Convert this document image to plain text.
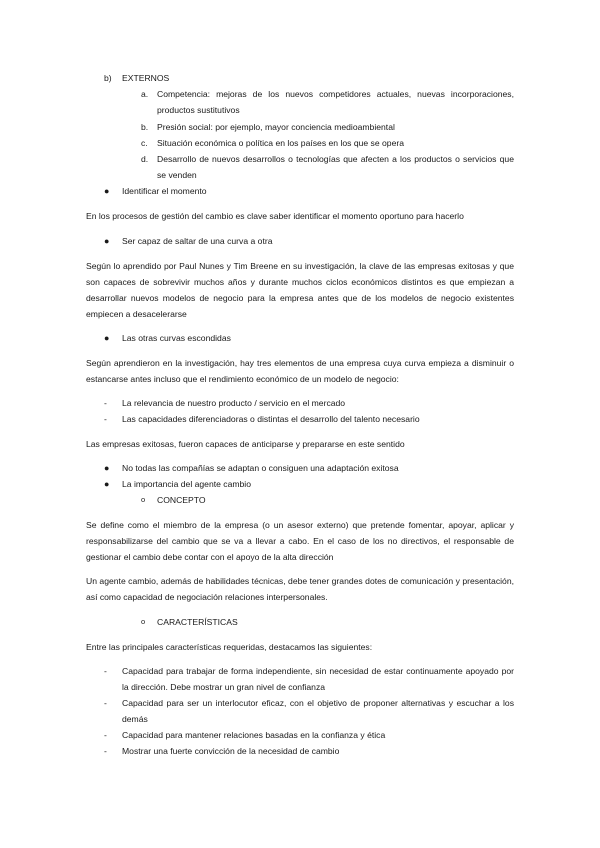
b)	EXTERNOS
a.	Competencia: mejoras de los nuevos competidores actuales, nuevas incorporaciones, productos sustitutivos
b.	Presión social: por ejemplo, mayor conciencia medioambiental
c.	Situación económica o política en los países en los que se opera
d.	Desarrollo de nuevos desarrollos o tecnologías que afecten a los productos o servicios que se venden
●	Identificar el momento
En los procesos de gestión del cambio es clave saber identificar el momento oportuno para hacerlo
●	Ser capaz de saltar de una curva a otra
Según lo aprendido por Paul Nunes y Tim Breene en su investigación, la clave de las empresas exitosas y que son capaces de sobrevivir muchos años y durante muchos ciclos económicos distintos es que empiezan a desarrollar nuevos modelos de negocio para la empresa antes que de los modelos de negocio existentes empiecen a desacelerarse
●	Las otras curvas escondidas
Según aprendieron en la investigación, hay tres elementos de una empresa cuya curva empieza a disminuir o estancarse antes incluso que el rendimiento económico de un modelo de negocio:
-	La relevancia de nuestro producto / servicio en el mercado
-	Las capacidades diferenciadoras o distintas el desarrollo del talento necesario
Las empresas exitosas, fueron capaces de anticiparse y prepararse en este sentido
●	No todas las compañías se adaptan o consiguen una adaptación exitosa
●	La importancia del agente cambio
o	CONCEPTO
Se define como el miembro de la empresa (o un asesor externo) que pretende fomentar, apoyar, aplicar y responsabilizarse del cambio que se va a llevar a cabo. En el caso de los no directivos, el responsable de gestionar el cambio debe contar con el apoyo de la alta dirección
Un agente cambio, además de habilidades técnicas, debe tener grandes dotes de comunicación y presentación, así como capacidad de negociación relaciones interpersonales.
o	CARACTERÍSTICAS
Entre las principales características requeridas, destacamos las siguientes:
-	Capacidad para trabajar de forma independiente, sin necesidad de estar continuamente apoyado por la dirección. Debe mostrar un gran nivel de confianza
-	Capacidad para ser un interlocutor eficaz, con el objetivo de proponer alternativas y escuchar a los demás
-	Capacidad para mantener relaciones basadas en la confianza y ética
-	Mostrar una fuerte convicción de la necesidad de cambio
